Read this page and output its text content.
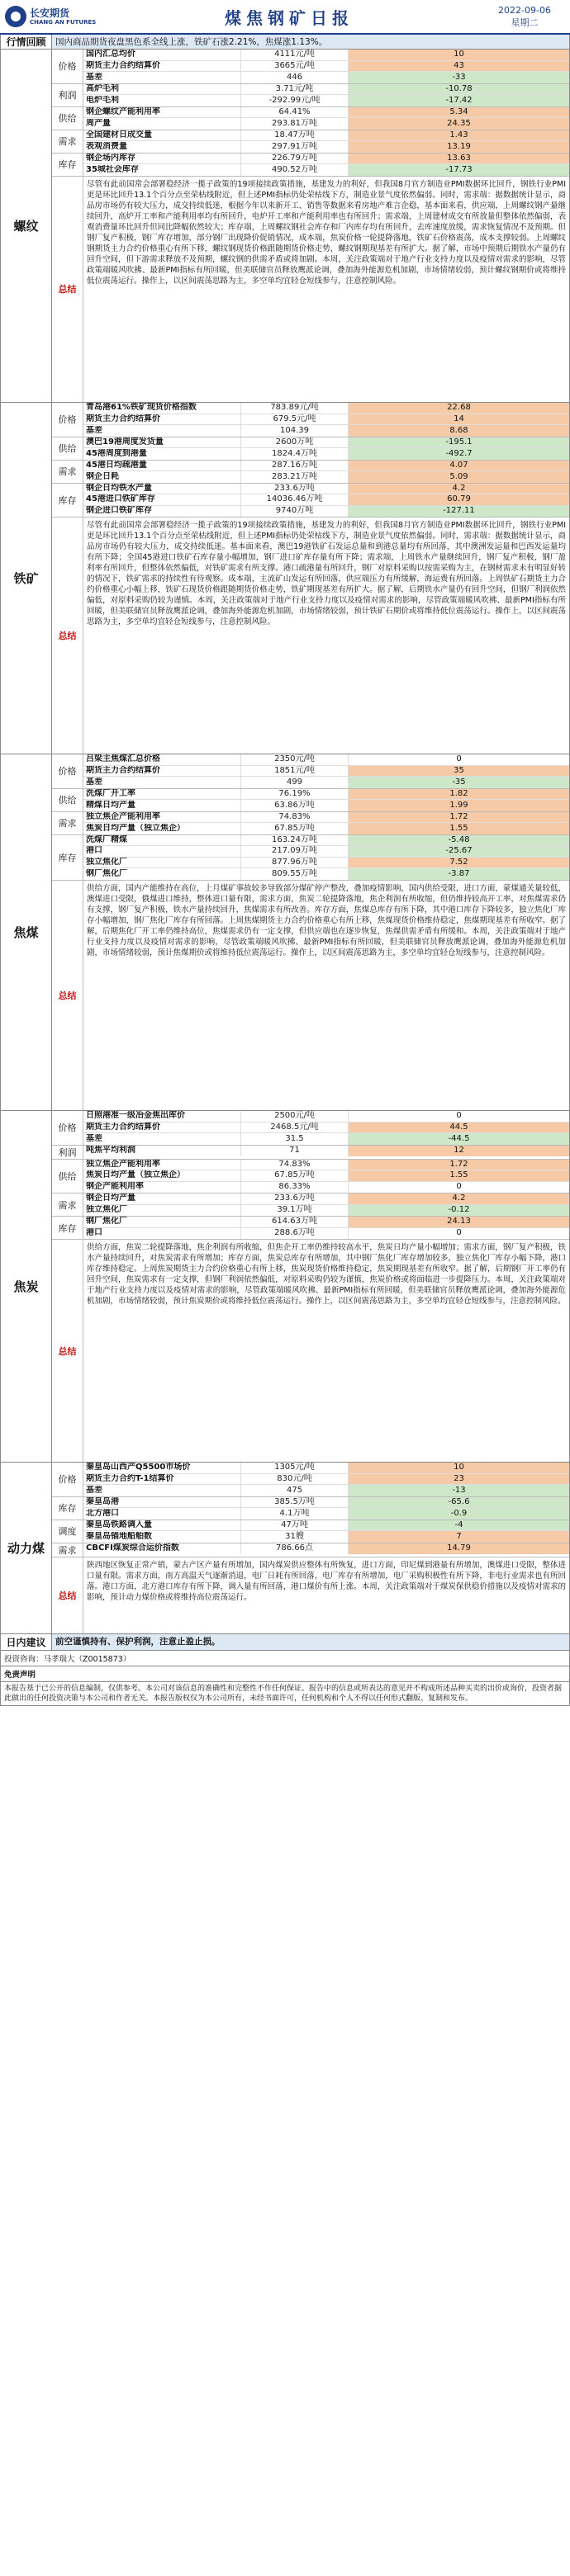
长安期货
CHANG AN FUTURES	煤焦钢矿日报	2022-09-06
星期二
行情回顾	国内商品期货夜盘黑色系全线上涨，铁矿石涨2.21%，焦煤涨1.13%。
螺纹
价格
国内汇总均价	4111元/吨	10
期货主力合约结算价	3665元/吨	43
基差	446	-33
利润
高炉毛利	3.71元/吨	-10.78
电炉毛利	-292.99元/吨	-17.42
供给
钢企螺纹产能利用率	64.41%	5.34
周产量	293.81万吨	24.35
需求
全国建材日成交量	18.47万吨	1.43
表观消费量	297.91万吨	13.19
库存
钢企场内库存	226.79万吨	13.63
35城社会库存	490.52万吨	-17.73
总结
尽管有此前国常会部署稳经济一揽子政策的19项接续政策措施，基建发力的利好，但我国8月官方制造业PMI数据环比回升，钢铁行业PMI更是环比回升13.1个百分点至荣枯线附近，但上述PMI指标仍处荣枯线下方，制造业景气度依然偏弱。同时，需求端：据数据统计显示，商品房市场仍有较大压力，成交持续低迷，根据今年以来新开工、销售等数据来看房地产难言企稳，基本面来看，供应端，上周螺纹钢产量继续回升，高炉开工率和产能利用率均有所回升，电炉开工率和产能利用率也有所回升；需求端，上周建材成交有所放量但整体依然偏弱，表观消费量环比回升但同比降幅依然较大；库存端，上周螺纹钢社会库存和厂内库存均有所回升，去库速度放缓，需求恢复情况不及预期。但钢厂复产积极，钢厂库存增加，部分钢厂出现降价促销情况，成本端，焦炭价格一轮提降落地，铁矿石价格震荡，成本支撑较弱。上周螺纹钢期货主力合约价格重心有所下移，螺纹钢现货价格跟随期货价格走势，螺纹钢期现基差有所扩大。据了解，市场中预期后期铁水产量仍有回升空间，但下游需求释放不及预期，螺纹钢的供需矛盾或将加剧。本周，关注政策端对于地产行业支持力度以及疫情对需求的影响，尽管政策端暖风吹拂、最新PMI指标有所回暖，但美联储官员释放鹰派论调，叠加海外能源危机加剧，市场情绪较弱，预计螺纹钢期价或将维持低位震荡运行。操作上，以区间震荡思路为主，多空单均宜轻仓短线参与，注意控制风险。
铁矿
价格
青岛港61%铁矿现货价格指数	783.89元/吨	22.68
期货主力合约结算价	679.5元/吨	14
基差	104.39	8.68
供给
澳巴19港周度发货量	2600万吨	-195.1
45港周度到港量	1824.4万吨	-492.7
需求
45港日均疏港量	287.16万吨	4.07
钢企日耗	283.21万吨	5.09
库存
钢企日均铁水产量	233.6万吨	4.2
45港进口铁矿库存	14036.46万吨	60.79
钢企进口铁矿库存	9740万吨	-127.11
总结
尽管有此前国常会部署稳经济一揽子政策的19项接续政策措施，基建发力的利好，但我国8月官方制造业PMI数据环比回升，钢铁行业PMI更是环比回升13.1个百分点至荣枯线附近，但上述PMI指标仍处荣枯线下方，制造业景气度依然偏弱。同时，需求端：据数据统计显示，商品房市场仍有较大压力，成交持续低迷。基本面来看，澳巴19港铁矿石发运总量和到港总量均有所回落，其中澳洲发运量和巴西发运量均有所下降；全国45港进口铁矿石库存量小幅增加，钢厂进口矿库存量有所下降；需求端，上周铁水产量继续回升，钢厂复产积极，钢厂盈利率有所回升，但整体依然偏低，对铁矿需求有所支撑。港口疏港量有所回升，钢厂对原料采购以按需采购为主，在钢材需求未有明显好转的情况下，铁矿需求的持续性有待观察。成本端，主流矿山发运有所回落，供应端压力有所缓解，海运费有所回落。上周铁矿石期货主力合约价格重心小幅上移，铁矿石现货价格跟随期货价格走势，铁矿期现基差有所扩大。据了解，后期铁水产量仍有回升空间，但钢厂利润依然偏低，对原料采购仍较为谨慎。本周，关注政策端对于地产行业支持力度以及疫情对需求的影响，尽管政策端暖风吹拂、最新PMI指标有所回暖，但美联储官员释放鹰派论调，叠加海外能源危机加剧，市场情绪较弱，预计铁矿石期价或将维持低位震荡运行。操作上，以区间震荡思路为主，多空单均宜轻仓短线参与，注意控制风险。
焦煤
价格
吕梁主焦煤汇总价格	2350元/吨	0
期货主力合约结算价	1851元/吨	35
基差	499	-35
供给
洗煤厂开工率	76.19%	1.82
精煤日均产量	63.86万吨	1.99
需求
独立焦企产能利用率	74.83%	1.72
焦炭日均产量（独立焦企）	67.85万吨	1.55
库存
洗煤厂精煤	163.24万吨	-5.48
港口	217.09万吨	-25.67
独立焦化厂	877.96万吨	7.52
钢厂焦化厂	809.55万吨	-3.87
总结
供给方面，国内产能维持在高位，上月煤矿事故较多导致部分煤矿停产整改，叠加疫情影响，国内供给受限，进口方面，蒙煤通关量较低，澳煤进口受限，俄煤进口维持，整体进口量有限，需求方面，焦炭二轮提降落地，焦企利润有所收缩，但仍维持较高开工率，对焦煤需求仍有支撑，钢厂复产积极，铁水产量持续回升，焦煤需求有所改善。库存方面，焦煤总库存有所下降，其中港口库存下降较多，独立焦化厂库存小幅增加，钢厂焦化厂库存有所回落。上周焦煤期货主力合约价格重心有所上移，焦煤现货价格维持稳定，焦煤期现基差有所收窄。据了解，后期焦化厂开工率仍维持高位，焦煤需求仍有一定支撑，但供应端也在逐步恢复，焦煤供需矛盾有所缓和。本周，关注政策端对于地产行业支持力度以及疫情对需求的影响，尽管政策端暖风吹拂、最新PMI指标有所回暖，但美联储官员释放鹰派论调，叠加海外能源危机加剧，市场情绪较弱，预计焦煤期价或将维持低位震荡运行。操作上，以区间震荡思路为主，多空单均宜轻仓短线参与，注意控制风险。
焦炭
价格
日照港准一级冶金焦出库价	2500元/吨	0
期货主力合约结算价	2468.5元/吨	44.5
基差	31.5	-44.5
利润	吨焦平均利润	71	12
供给
独立焦企产能利用率	74.83%	1.72
焦炭日均产量（独立焦企）	67.85万吨	1.55
钢企产能利用率	86.33%	0
需求
钢企日均产量	233.6万吨	4.2
独立焦化厂	39.1万吨	-0.12
库存
钢厂焦化厂	614.63万吨	24.13
港口	288.6万吨	0
总结
供给方面，焦炭二轮提降落地，焦企利润有所收缩，但焦企开工率仍维持较高水平，焦炭日均产量小幅增加；需求方面，钢厂复产积极，铁水产量持续回升，对焦炭需求有所增加；库存方面，焦炭总库存有所增加，其中钢厂焦化厂库存增加较多，独立焦化厂库存小幅下降，港口库存维持稳定。上周焦炭期货主力合约价格重心有所上移，焦炭现货价格维持稳定，焦炭期现基差有所收窄。据了解，后期钢厂开工率仍有回升空间，焦炭需求有一定支撑，但钢厂利润依然偏低，对原料采购仍较为谨慎，焦炭价格或将面临进一步提降压力。本周，关注政策端对于地产行业支持力度以及疫情对需求的影响，尽管政策端暖风吹拂、最新PMI指标有所回暖，但美联储官员释放鹰派论调，叠加海外能源危机加剧，市场情绪较弱，预计焦炭期价或将维持低位震荡运行。操作上，以区间震荡思路为主，多空单均宜轻仓短线参与，注意控制风险。
动力煤
价格
秦皇岛山西产Q5500市场价	1305元/吨	10
期货主力合约T-1结算价	830元/吨	23
基差	475	-13
库存
秦皇岛港	385.5万吨	-65.6
北方港口	4.1万吨	-0.9
调度
秦皇岛铁路调入量	47万吨	-4
秦皇岛锚地船舶数	31艘	7
需求	CBCFI煤炭综合运价指数	786.66点	14.79
总结
陕西地区恢复正常产销，蒙古产区产量有所增加，国内煤炭供应整体有所恢复，进口方面，印尼煤到港量有所增加，澳煤进口受限，整体进口量有限。需求方面，南方高温天气逐渐消退，电厂日耗有所回落，电厂库存有所增加，电厂采购积极性有所下降，非电行业需求也有所回落。港口方面，北方港口库存有所下降，调入量有所回落，港口煤价有所上涨。本周，关注政策端对于煤炭保供稳价措施以及疫情对需求的影响，预计动力煤价格或将维持高位震荡运行。
日内建议	前空谨慎持有、保护利润，注意止盈止损。
投资咨询：马孝瑞大（Z0015873）
免责声明
本报告基于已公开的信息编制，仅供参考。本公司对该信息的准确性和完整性不作任何保证。报告中的信息或所表达的意见并不构成所述品种买卖的出价或询价，投资者据此做出的任何投资决策与本公司和作者无关。本报告版权仅为本公司所有，未经书面许可，任何机构和个人不得以任何形式翻版、复制和发布。
